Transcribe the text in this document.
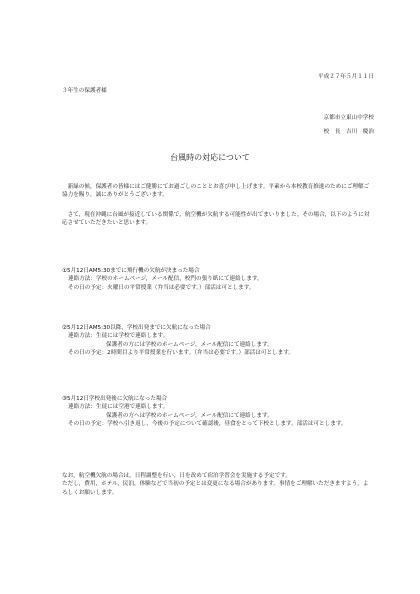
平成２７年５月１１日
３年生の保護者様
京都市立東山中学校
校　長　吉川　慶治
台風時の対応について

新緑の候，保護者の皆様にはご健勝にてお過ごしのこととお喜び申し上げます。平素から本校教育推進のためにご理解ご協力を賜り，誠にありがとうございます。

さて，現在沖縄に台風が接近している関係で，航空機が欠航する可能性が出てまいりました。その場合，以下のように対応させていただきたいと思います。

①5月12日AM5:30までに飛行機の欠航が決まった場合

連絡方法：学校のホームページ，メール配信，校門の張り紙にて連絡します。

その日の予定：火曜日の平常授業（弁当は必要です。）部活は可とします。

②5月12日AM5:30以降，学校出発までに欠航になった場合

連絡方法：生徒には学校で連絡します。

保護者の方には学校のホームページ，メール配信にて連絡します。

その日の予定：2時間目より平常授業を行います。（弁当は必要です。）部活は可とします。

③5月12日学校出発後に欠航になった場合

連絡方法：生徒には空港で連絡します。

保護者の方へは学校のホームページ，メール配信にて連絡します。

その日の予定：学校へ引き返し，今後の予定について確認後，昼食をとって下校とします。部活は可とします。

なお，航空機欠航の場合は，日程調整を行い，日を改めて宿泊学習会を実施する予定です。

ただし，費用，ホテル，民泊，体験などで当初の予定とは変更になる場合があります。事情をご理解いただきますよう，よろしくお願いします。
